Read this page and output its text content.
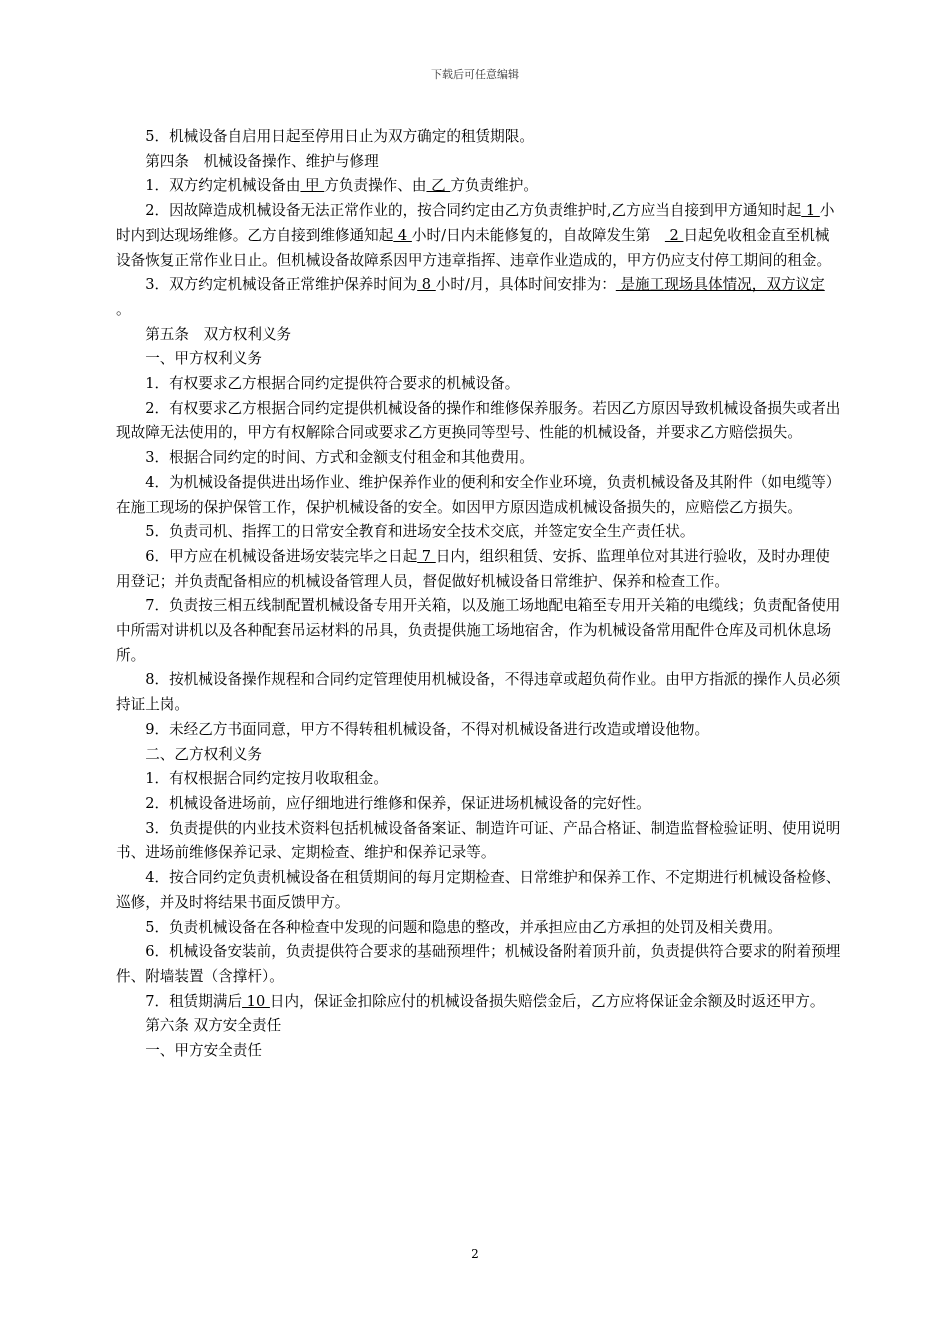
下载后可任意编辑

5．机械设备自启用日起至停用日止为双方确定的租赁期限。

第四条　机械设备操作、维护与修理

1．双方约定机械设备由 甲 方负责操作、由 乙 方负责维护。

2．因故障造成机械设备无法正常作业的，按合同约定由乙方负责维护时,乙方应当自接到甲方通知时起 1 小时内到达现场维修。乙方自接到维修通知起 4 小时/日内未能修复的，自故障发生第　 2 日起免收租金直至机械设备恢复正常作业日止。但机械设备故障系因甲方违章指挥、违章作业造成的，甲方仍应支付停工期间的租金。

3．双方约定机械设备正常维护保养时间为 8 小时/月，具体时间安排为： 是施工现场具体情况，双方议定 。

第五条　双方权利义务

一、甲方权利义务

1．有权要求乙方根据合同约定提供符合要求的机械设备。

2．有权要求乙方根据合同约定提供机械设备的操作和维修保养服务。若因乙方原因导致机械设备损失或者出现故障无法使用的，甲方有权解除合同或要求乙方更换同等型号、性能的机械设备，并要求乙方赔偿损失。

3．根据合同约定的时间、方式和金额支付租金和其他费用。

4．为机械设备提供进出场作业、维护保养作业的便利和安全作业环境，负责机械设备及其附件（如电缆等）在施工现场的保护保管工作，保护机械设备的安全。如因甲方原因造成机械设备损失的，应赔偿乙方损失。

5．负责司机、指挥工的日常安全教育和进场安全技术交底，并签定安全生产责任状。

6．甲方应在机械设备进场安装完毕之日起 7 日内，组织租赁、安拆、监理单位对其进行验收，及时办理使用登记；并负责配备相应的机械设备管理人员，督促做好机械设备日常维护、保养和检查工作。

7．负责按三相五线制配置机械设备专用开关箱，以及施工场地配电箱至专用开关箱的电缆线；负责配备使用中所需对讲机以及各种配套吊运材料的吊具，负责提供施工场地宿舍，作为机械设备常用配件仓库及司机休息场所。

8．按机械设备操作规程和合同约定管理使用机械设备，不得违章或超负荷作业。由甲方指派的操作人员必须持证上岗。

9．未经乙方书面同意，甲方不得转租机械设备，不得对机械设备进行改造或增设他物。

二、乙方权利义务

1．有权根据合同约定按月收取租金。

2．机械设备进场前，应仔细地进行维修和保养，保证进场机械设备的完好性。

3．负责提供的内业技术资料包括机械设备备案证、制造许可证、产品合格证、制造监督检验证明、使用说明书、进场前维修保养记录、定期检查、维护和保养记录等。

4．按合同约定负责机械设备在租赁期间的每月定期检查、日常维护和保养工作、不定期进行机械设备检修、巡修，并及时将结果书面反馈甲方。

5．负责机械设备在各种检查中发现的问题和隐患的整改，并承担应由乙方承担的处罚及相关费用。

6．机械设备安装前，负责提供符合要求的基础预埋件；机械设备附着顶升前，负责提供符合要求的附着预埋件、附墙装置（含撑杆）。

7．租赁期满后 10 日内，保证金扣除应付的机械设备损失赔偿金后，乙方应将保证金余额及时返还甲方。

第六条 双方安全责任

一、甲方安全责任

2
